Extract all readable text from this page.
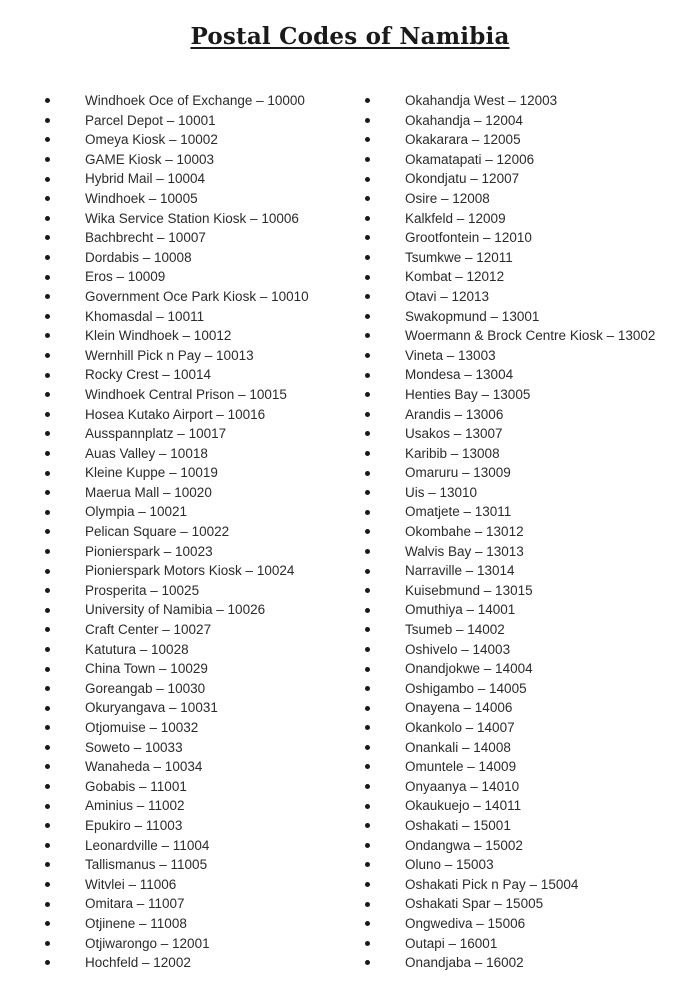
Postal Codes of Namibia
Windhoek Oce of Exchange – 10000
Parcel Depot – 10001
Omeya Kiosk – 10002
GAME Kiosk – 10003
Hybrid Mail – 10004
Windhoek – 10005
Wika Service Station Kiosk – 10006
Bachbrecht – 10007
Dordabis – 10008
Eros – 10009
Government Oce Park Kiosk – 10010
Khomasdal – 10011
Klein Windhoek – 10012
Wernhill Pick n Pay – 10013
Rocky Crest – 10014
Windhoek Central Prison – 10015
Hosea Kutako Airport – 10016
Ausspannplatz – 10017
Auas Valley – 10018
Kleine Kuppe – 10019
Maerua Mall – 10020
Olympia – 10021
Pelican Square – 10022
Pionierspark – 10023
Pionierspark Motors Kiosk – 10024
Prosperita – 10025
University of Namibia – 10026
Craft Center – 10027
Katutura – 10028
China Town – 10029
Goreangab – 10030
Okuryangava – 10031
Otjomuise – 10032
Soweto – 10033
Wanaheda – 10034
Gobabis – 11001
Aminius – 11002
Epukiro – 11003
Leonardville – 11004
Tallismanus – 11005
Witvlei – 11006
Omitara – 11007
Otjinene – 11008
Otjiwarongo – 12001
Hochfeld – 12002
Okahandja West – 12003
Okahandja – 12004
Okakarara – 12005
Okamatapati – 12006
Okondjatu – 12007
Osire – 12008
Kalkfeld – 12009
Grootfontein – 12010
Tsumkwe – 12011
Kombat – 12012
Otavi – 12013
Swakopmund – 13001
Woermann & Brock Centre Kiosk – 13002
Vineta – 13003
Mondesa – 13004
Henties Bay – 13005
Arandis – 13006
Usakos – 13007
Karibib – 13008
Omaruru – 13009
Uis – 13010
Omatjete – 13011
Okombahe – 13012
Walvis Bay – 13013
Narraville – 13014
Kuisebmund – 13015
Omuthiya – 14001
Tsumeb – 14002
Oshivelo – 14003
Onandjokwe – 14004
Oshigambo – 14005
Onayena – 14006
Okankolo – 14007
Onankali – 14008
Omuntele – 14009
Onyaanya – 14010
Okaukuejo – 14011
Oshakati – 15001
Ondangwa – 15002
Oluno – 15003
Oshakati Pick n Pay – 15004
Oshakati Spar – 15005
Ongwediva – 15006
Outapi – 16001
Onandjaba – 16002
